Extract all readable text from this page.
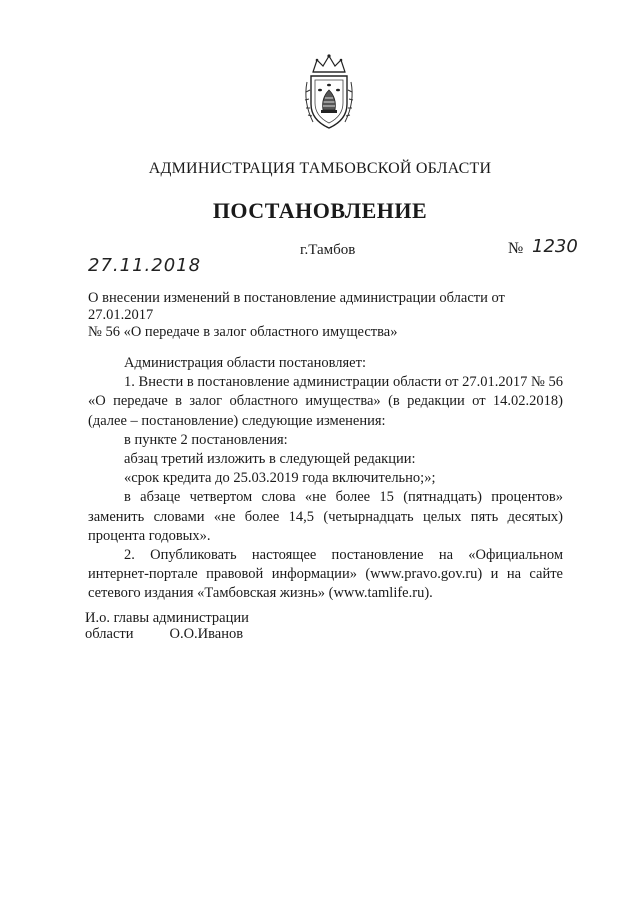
АДМИНИСТРАЦИЯ ТАМБОВСКОЙ ОБЛАСТИ
ПОСТАНОВЛЕНИЕ
27.11.2018
г.Тамбов	№ 1230
О внесении изменений в постановление администрации области от 27.01.2017
№ 56 «О передаче в залог областного имущества»

Администрация области постановляет:

1. Внести в постановление администрации области от 27.01.2017 № 56 «О передаче в залог областного имущества» (в редакции от 14.02.2018) (далее – постановление) следующие изменения:

в пункте 2 постановления:

абзац третий изложить в следующей редакции:

«срок кредита до 25.03.2019 года включительно;»;

в абзаце четвертом слова «не более 15 (пятнадцать) процентов» заменить словами «не более 14,5 (четырнадцать целых пять десятых) процента годовых».

2. Опубликовать настоящее постановление на «Официальном интернет-портале правовой информации» (www.pravo.gov.ru) и на сайте сетевого издания «Тамбовская жизнь» (www.tamlife.ru).

И.о. главы администрации
области О.О.Иванов
